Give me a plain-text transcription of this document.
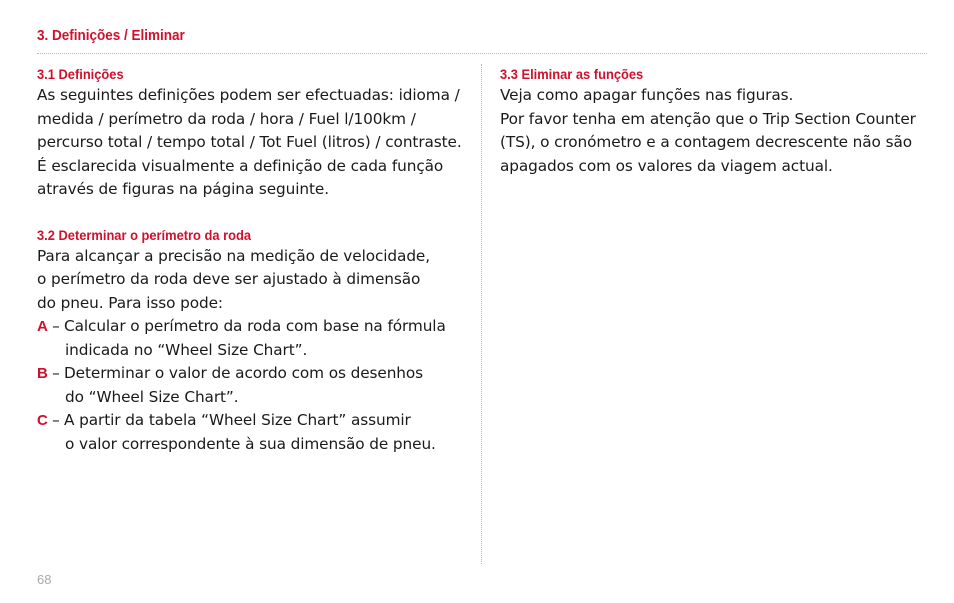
3. Definições / Eliminar
3.1 Definições

As seguintes definições podem ser efectuadas: idioma /

medida / perímetro da roda / hora / Fuel l/100km /

percurso total / tempo total / Tot Fuel (litros) / contraste.

É esclarecida visualmente a definição de cada função

através de figuras na página seguinte.

3.2 Determinar o perímetro da roda

Para alcançar a precisão na medição de velocidade,

o perímetro da roda deve ser ajustado à dimensão

do pneu. Para isso pode:

A – Calcular o perímetro da roda com base na fórmula

indicada no “Wheel Size Chart”.

B – Determinar o valor de acordo com os desenhos

do “Wheel Size Chart”.

C – A partir da tabela “Wheel Size Chart” assumir

o valor correspondente à sua dimensão de pneu.

3.3 Eliminar as funções

Veja como apagar funções nas figuras.

Por favor tenha em atenção que o Trip Section Counter

(TS), o cronómetro e a contagem decrescente não são

apagados com os valores da viagem actual.

68
